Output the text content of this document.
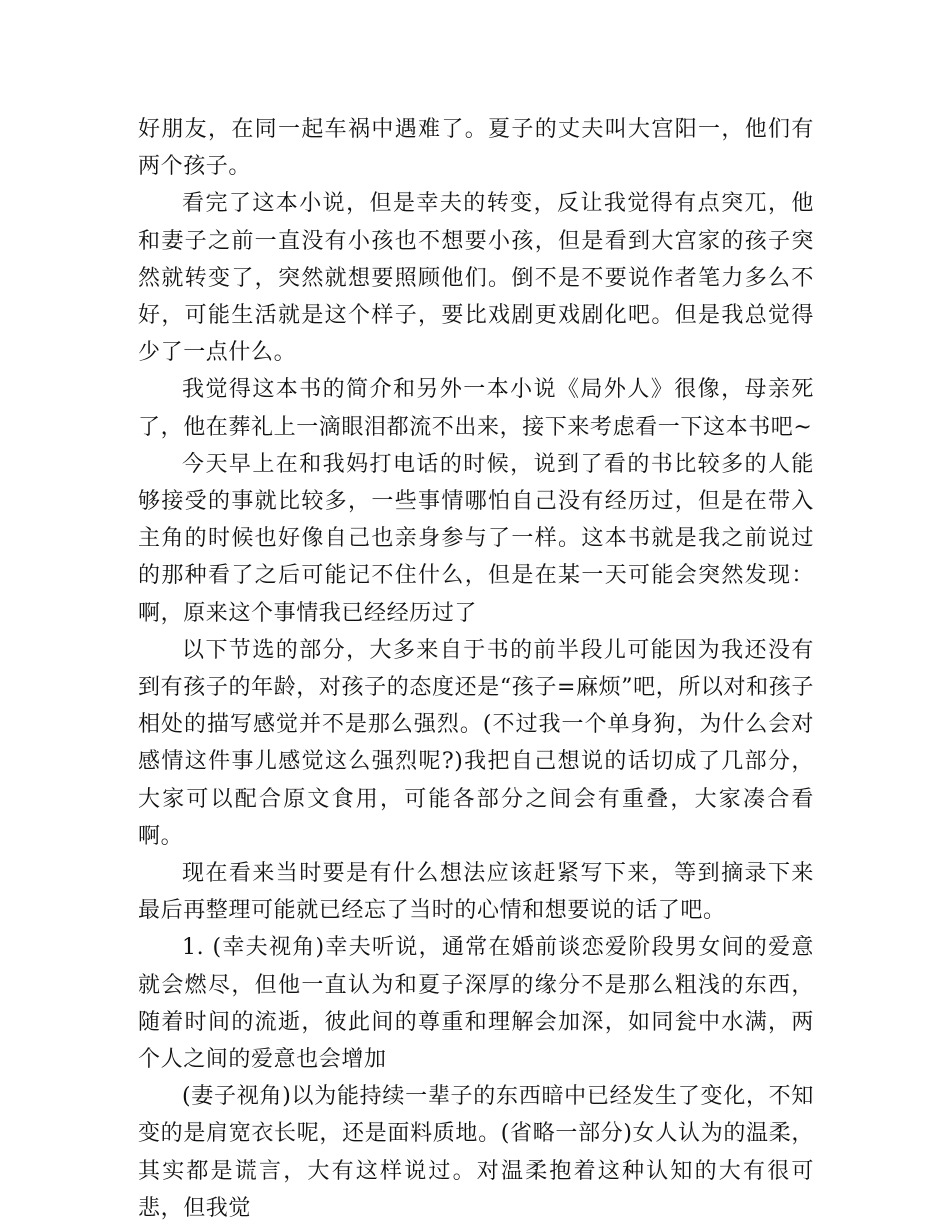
好朋友，在同一起车祸中遇难了。夏子的丈夫叫大宫阳一，他们有两个孩子。

看完了这本小说，但是幸夫的转变，反让我觉得有点突兀，他和妻子之前一直没有小孩也不想要小孩，但是看到大宫家的孩子突然就转变了，突然就想要照顾他们。倒不是不要说作者笔力多么不好，可能生活就是这个样子，要比戏剧更戏剧化吧。但是我总觉得少了一点什么。

我觉得这本书的简介和另外一本小说《局外人》很像，母亲死了，他在葬礼上一滴眼泪都流不出来，接下来考虑看一下这本书吧~

今天早上在和我妈打电话的时候，说到了看的书比较多的人能够接受的事就比较多，一些事情哪怕自己没有经历过，但是在带入主角的时候也好像自己也亲身参与了一样。这本书就是我之前说过的那种看了之后可能记不住什么，但是在某一天可能会突然发现：啊，原来这个事情我已经经历过了

以下节选的部分，大多来自于书的前半段儿可能因为我还没有到有孩子的年龄，对孩子的态度还是“孩子=麻烦”吧，所以对和孩子相处的描写感觉并不是那么强烈。(不过我一个单身狗，为什么会对感情这件事儿感觉这么强烈呢?)我把自己想说的话切成了几部分，大家可以配合原文食用，可能各部分之间会有重叠，大家凑合看啊。

现在看来当时要是有什么想法应该赶紧写下来，等到摘录下来最后再整理可能就已经忘了当时的心情和想要说的话了吧。

1. (幸夫视角)幸夫听说，通常在婚前谈恋爱阶段男女间的爱意就会燃尽，但他一直认为和夏子深厚的缘分不是那么粗浅的东西，随着时间的流逝，彼此间的尊重和理解会加深，如同瓮中水满，两个人之间的爱意也会增加

(妻子视角)以为能持续一辈子的东西暗中已经发生了变化，不知变的是肩宽衣长呢，还是面料质地。(省略一部分)女人认为的温柔，其实都是谎言，大有这样说过。对温柔抱着这种认知的大有很可悲，但我觉
